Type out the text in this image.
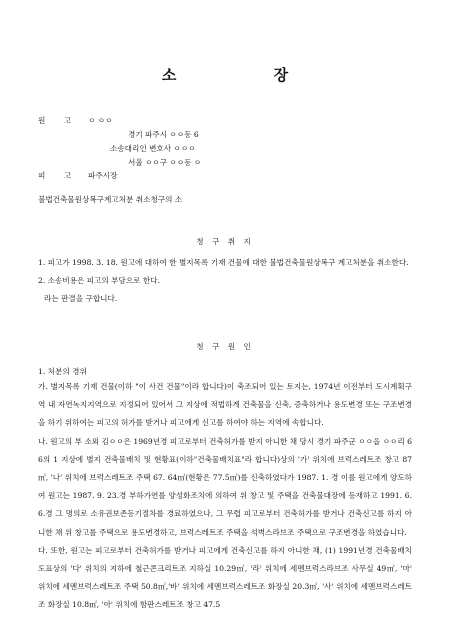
소 장
원 고 ㅇ ㅇㅇ
경기 파주시 ㅇㅇ동 6
소송대리인 변호사 ㅇㅇㅇ
서울 ㅇㅇ구 ㅇㅇ동 ㅇ
피 고 파주시장
불법건축물원상복구계고처분 취소청구의 소
청 구 취 지

1. 피고가 1998. 3. 18. 원고에 대하여 한 별지목록 기재 건물에 대한 불법건축물원상복구 계고처분을 취소한다.

2. 소송비용은 피고의 부담으로 한다.

라는 판결을 구합니다.

청 구 원 인
1. 처분의 경위

가. 별지목록 기재 건물(이하 "이 사건 건물"이라 합니다)이 축조되어 있는 토지는, 1974년 이전부터 도시계획구역 내 자연녹지지역으로 지정되어 있어서 그 지상에 적법하게 건축물을 신축, 증축하거나 용도변경 또는 구조변경을 하기 위하여는 피고의 허가를 받거나 피고에게 신고를 하여야 하는 지역에 속합니다.

나. 원고의 부 소외 김ㅇㅇ은 1969년경 피고로부터 건축허가를 받지 아니한 채 당시 경기 파주군 ㅇㅇ읍 ㅇㅇ리 66의 1 지상에 별지 건축물배치 및 현황표(이하"건축물배치표"라 합니다)상의 '가' 위치에 브럭스레트조 창고 87㎡, '나' 위치에 브럭스레트조 주택 67. 64㎡(현황은 77.5㎡)를 신축하였다가 1987. 1. 경 이를 원고에게 양도하여 원고는 1987. 9. 23.경 부하가연를 양성화조치에 의하여 위 창고 및 주택을 건축물대장에 등재하고 1991. 6. 6.경 그 명의로 소유권보존등기절차를 경료하였으나, 그 무렵 피고로부터 건축허가를 받거나 건축신고를 하지 아니한 채 위 창고를 주택으로 용도변경하고, 브럭스레트조 주택을 석벽스라브조 주택으로 구조변경을 하였습니다.

다. 또한, 원고는 피고로부터 건축허가를 받거나 피고에게 건축신고를 하지 아니한 채, (1) 1991년경 건축물배치도표상의 '다' 위치의 지하에 철근콘크리트조 지하실 10.29㎡, '라' 위치에 세멘브럭스라브조 사무실 49㎡, '마' 위치에 세멘브럭스레트조 주택 50.8㎡,'바' 위치에 세멘브럭스레트조 화장실 20.3㎡, '사' 위치에 세멘브럭스레트조 화장실 10.8㎡, '아' 위치에 함판스레트조 창고 47.5
